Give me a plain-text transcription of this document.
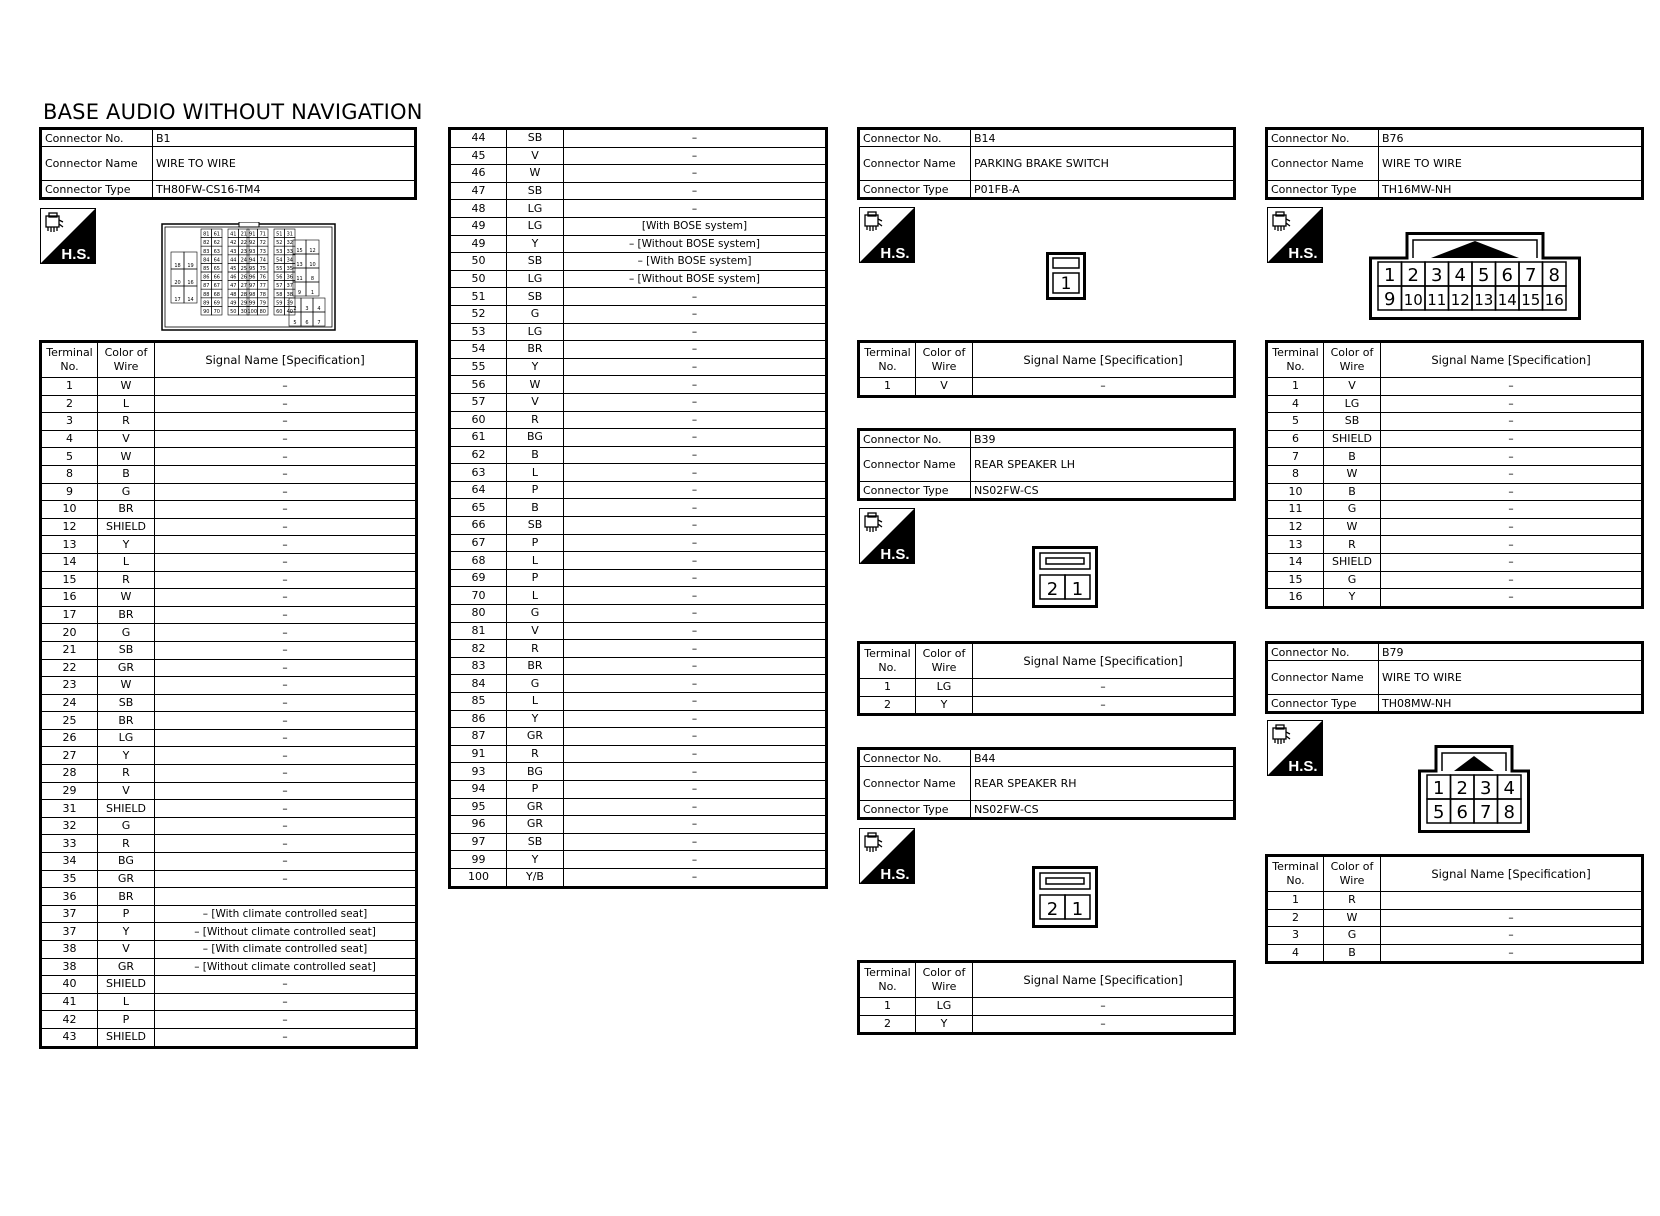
BASE AUDIO WITHOUT NAVIGATION
Connector No.	B1
Connector Name	WIRE TO WIRE
Connector Type	TH80FW-CS16-TM4
H.S.
81 61 41 21
82 62 42 22
83 63 43 23
84 64 44 24
85 65 45 25
86 66 46 26
87 67 47 27
88 68 48 28
89 69 49 29
90 70 50 30
91 71 51 31
92 72 52 32
93 73 53 33
94 74 54 34
95 75 55 35
96 76 56 36
97 77 57 37
98 78 58 38
99 79 59 39
100 80 60 40
18 19
20 16
17 14
15 12
13 10
11 8
9 1
2 3 4
5 6 7
Terminal No.	Color of Wire	Signal Name [Specification]
1	W	–
2	L	–
3	R	–
4	V	–
5	W	–
8	B	–
9	G	–
10	BR	–
12	SHIELD	–
13	Y	–
14	L	–
15	R	–
16	W	–
17	BR	–
20	G	–
21	SB	–
22	GR	–
23	W	–
24	SB	–
25	BR	–
26	LG	–
27	Y	–
28	R	–
29	V	–
31	SHIELD	–
32	G	–
33	R	–
34	BG	–
35	GR	–
36	BR	
37	P	– [With climate controlled seat]
37	Y	– [Without climate controlled seat]
38	V	– [With climate controlled seat]
38	GR	– [Without climate controlled seat]
40	SHIELD	–
41	L	–
42	P	–
43	SHIELD	–
44	SB	–
45	V	–
46	W	–
47	SB	–
48	LG	–
49	LG	[With BOSE system]
49	Y	– [Without BOSE system]
50	SB	– [With BOSE system]
50	LG	– [Without BOSE system]
51	SB	–
52	G	–
53	LG	–
54	BR	–
55	Y	–
56	W	–
57	V	–
60	R	–
61	BG	–
62	B	–
63	L	–
64	P	–
65	B	–
66	SB	–
67	P	–
68	L	–
69	P	–
70	L	–
80	G	–
81	V	–
82	R	–
83	BR	–
84	G	–
85	L	–
86	Y	–
87	GR	–
91	R	–
93	BG	–
94	P	–
95	GR	–
96	GR	–
97	SB	–
99	Y	–
100	Y/B	–
Connector No.	B14
Connector Name	PARKING BRAKE SWITCH
Connector Type	P01FB-A
H.S.
1
Terminal No.	Color of Wire	Signal Name [Specification]
1	V	–
Connector No.	B39
Connector Name	REAR SPEAKER LH
Connector Type	NS02FW-CS
H.S.
2 1
Terminal No.	Color of Wire	Signal Name [Specification]
1	LG	–
2	Y	–
Connector No.	B44
Connector Name	REAR SPEAKER RH
Connector Type	NS02FW-CS
H.S.
2 1
Terminal No.	Color of Wire	Signal Name [Specification]
1	LG	–
2	Y	–
Connector No.	B76
Connector Name	WIRE TO WIRE
Connector Type	TH16MW-NH
H.S.
1 2 3 4 5 6 7 8
9 10 11 12 13 14 15 16
Terminal No.	Color of Wire	Signal Name [Specification]
1	V	–
4	LG	–
5	SB	–
6	SHIELD	–
7	B	–
8	W	–
10	B	–
11	G	–
12	W	–
13	R	–
14	SHIELD	–
15	G	–
16	Y	–
Connector No.	B79
Connector Name	WIRE TO WIRE
Connector Type	TH08MW-NH
H.S.
1 2 3 4
5 6 7 8
Terminal No.	Color of Wire	Signal Name [Specification]
1	R	
2	W	–
3	G	–
4	B	–
